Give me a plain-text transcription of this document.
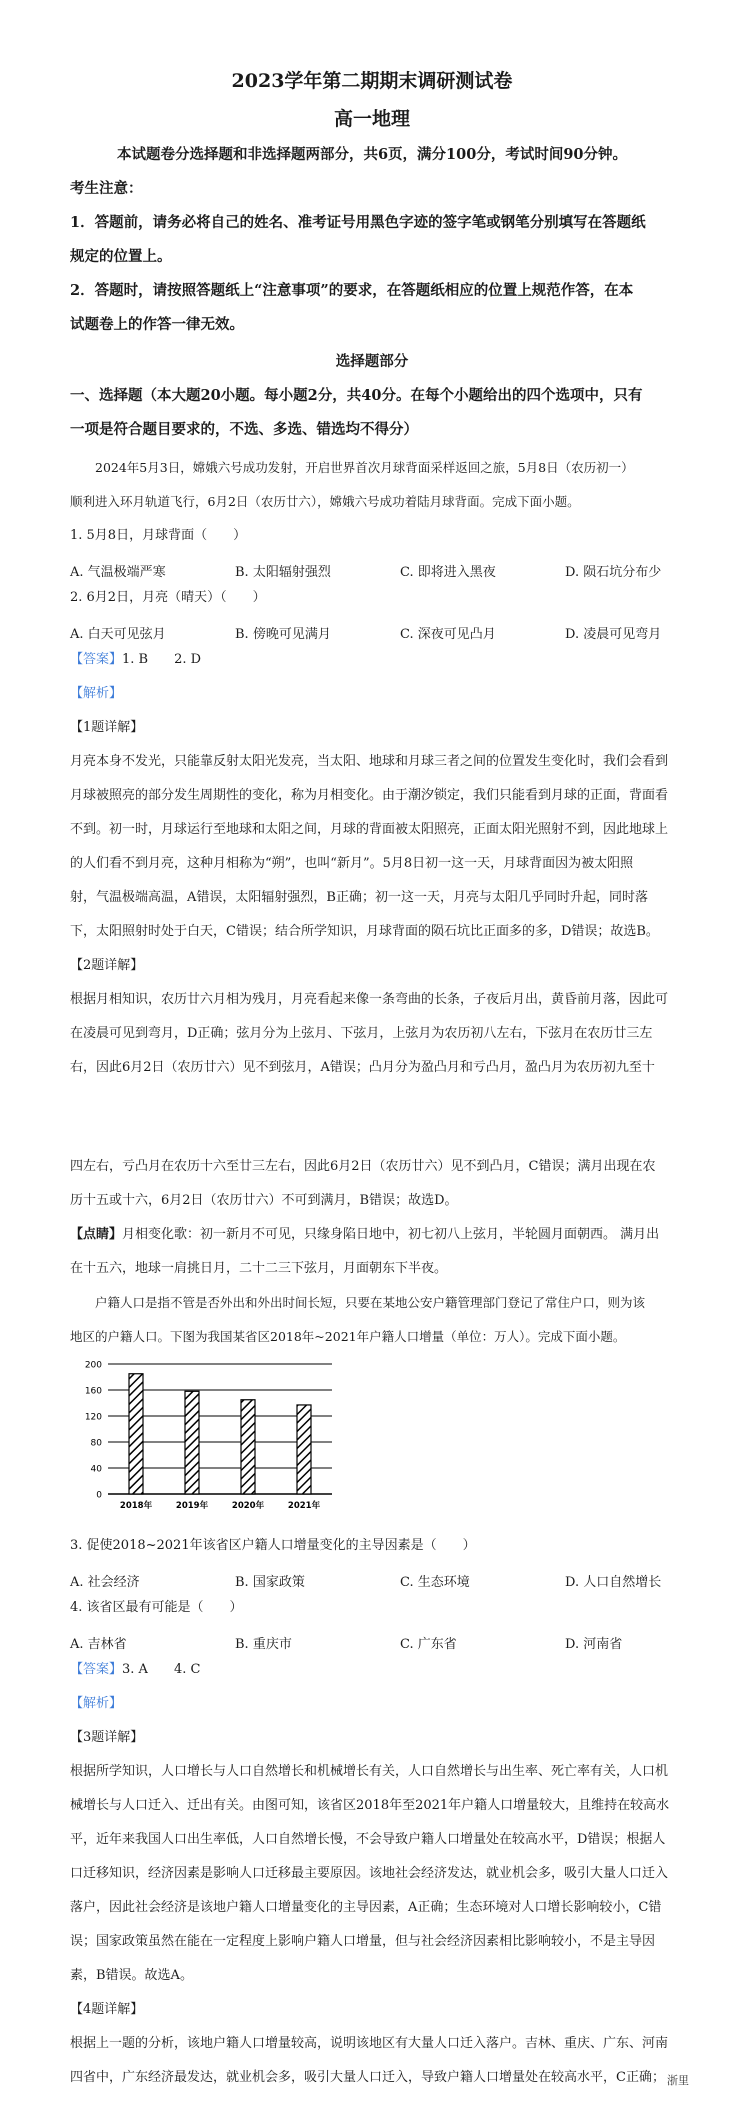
2023学年第二期期末调研测试卷
高一地理
本试题卷分选择题和非选择题两部分，共6页，满分100分，考试时间90分钟。
考生注意：
1．答题前，请务必将自己的姓名、准考证号用黑色字迹的签字笔或钢笔分别填写在答题纸
规定的位置上。
2．答题时，请按照答题纸上“注意事项”的要求，在答题纸相应的位置上规范作答，在本
试题卷上的作答一律无效。
选择题部分
一、选择题（本大题20小题。每小题2分，共40分。在每个小题给出的四个选项中，只有
一项是符合题目要求的，不选、多选、错选均不得分）
2024年5月3日，嫦娥六号成功发射，开启世界首次月球背面采样返回之旅，5月8日（农历初一）
顺利进入环月轨道飞行，6月2日（农历廿六），嫦娥六号成功着陆月球背面。完成下面小题。
1. 5月8日，月球背面（　　）
A. 气温极端严寒	B. 太阳辐射强烈	C. 即将进入黑夜	D. 陨石坑分布少
2. 6月2日，月亮（晴天）（　　）
A. 白天可见弦月	B. 傍晚可见满月	C. 深夜可见凸月	D. 凌晨可见弯月
【答案】1. B　　2. D
【解析】
【1题详解】
月亮本身不发光，只能靠反射太阳光发亮，当太阳、地球和月球三者之间的位置发生变化时，我们会看到
月球被照亮的部分发生周期性的变化，称为月相变化。由于潮汐锁定，我们只能看到月球的正面，背面看
不到。初一时，月球运行至地球和太阳之间，月球的背面被太阳照亮，正面太阳光照射不到，因此地球上
的人们看不到月亮，这种月相称为“朔”，也叫“新月”。5月8日初一这一天，月球背面因为被太阳照
射，气温极端高温，A错误，太阳辐射强烈，B正确；初一这一天，月亮与太阳几乎同时升起，同时落
下，太阳照射时处于白天，C错误；结合所学知识，月球背面的陨石坑比正面多的多，D错误；故选B。
【2题详解】
根据月相知识，农历廿六月相为残月，月亮看起来像一条弯曲的长条，子夜后月出，黄昏前月落，因此可
在凌晨可见到弯月，D正确；弦月分为上弦月、下弦月，上弦月为农历初八左右，下弦月在农历廿三左
右，因此6月2日（农历廿六）见不到弦月，A错误；凸月分为盈凸月和亏凸月，盈凸月为农历初九至十
四左右，亏凸月在农历十六至廿三左右，因此6月2日（农历廿六）见不到凸月，C错误；满月出现在农
历十五或十六，6月2日（农历廿六）不可到满月，B错误；故选D。
【点睛】月相变化歌：初一新月不可见，只缘身陷日地中，初七初八上弦月，半轮圆月面朝西。 满月出
在十五六，地球一肩挑日月，二十二三下弦月，月面朝东下半夜。
户籍人口是指不管是否外出和外出时间长短，只要在某地公安户籍管理部门登记了常住户口，则为该
地区的户籍人口。下图为我国某省区2018年~2021年户籍人口增量（单位：万人）。完成下面小题。
0
40
80
120
160
200
2018年	2019年	2020年	2021年
3. 促使2018~2021年该省区户籍人口增量变化的主导因素是（　　）
A. 社会经济	B. 国家政策	C. 生态环境	D. 人口自然增长
4. 该省区最有可能是（　　）
A. 吉林省	B. 重庆市	C. 广东省	D. 河南省
【答案】3. A　　4. C
【解析】
【3题详解】
根据所学知识，人口增长与人口自然增长和机械增长有关，人口自然增长与出生率、死亡率有关，人口机
械增长与人口迁入、迁出有关。由图可知，该省区2018年至2021年户籍人口增量较大，且维持在较高水
平，近年来我国人口出生率低，人口自然增长慢，不会导致户籍人口增量处在较高水平，D错误；根据人
口迁移知识，经济因素是影响人口迁移最主要原因。该地社会经济发达，就业机会多，吸引大量人口迁入
落户，因此社会经济是该地户籍人口增量变化的主导因素，A正确；生态环境对人口增长影响较小，C错
误；国家政策虽然在能在一定程度上影响户籍人口增量，但与社会经济因素相比影响较小，不是主导因
素，B错误。故选A。
【4题详解】
根据上一题的分析，该地户籍人口增量较高，说明该地区有大量人口迁入落户。吉林、重庆、广东、河南
四省中，广东经济最发达，就业机会多，吸引大量人口迁入，导致户籍人口增量处在较高水平，C正确； 浙里
